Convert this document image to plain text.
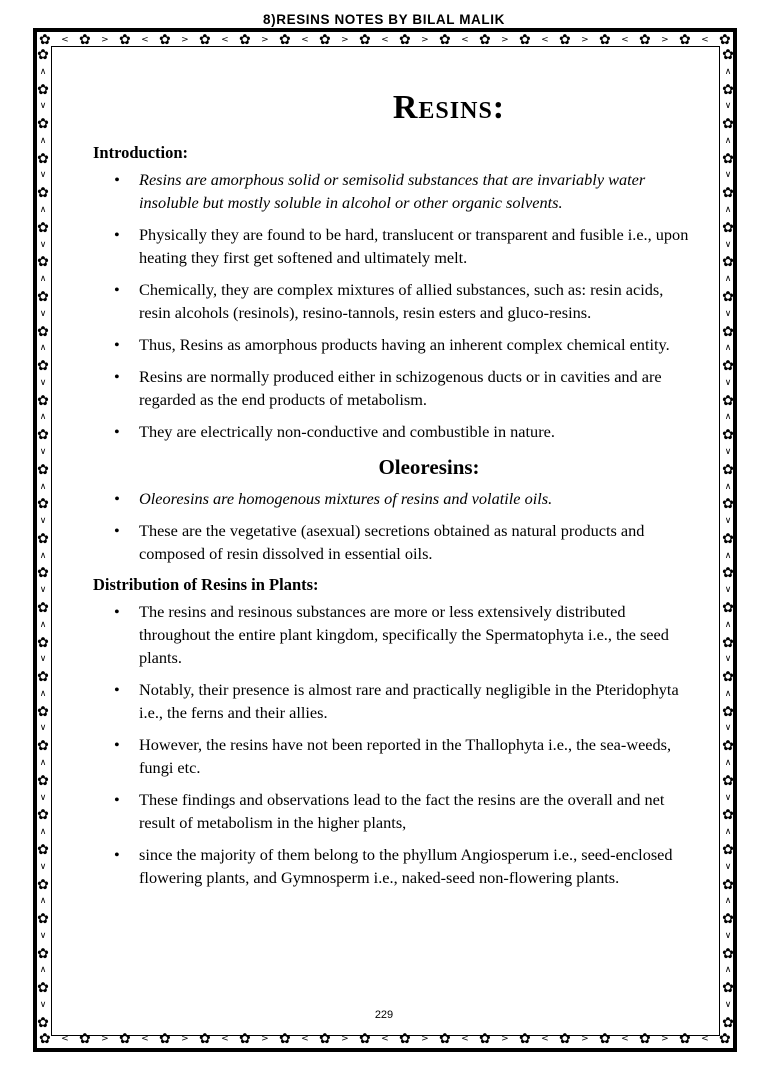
8)RESINS NOTES BY BILAL MALIK
✿ < ✿ > ✿ < ✿ > ✿ < ✿ > ✿ < ✿ > ✿ < ✿ > ✿ < ✿ > ✿ < ✿ > ✿ < ✿ > ✿ < ✿
✿ < ✿ > ✿ < ✿ > ✿ < ✿ > ✿ < ✿ > ✿ < ✿ > ✿ < ✿ > ✿ < ✿ > ✿ < ✿ > ✿ < ✿
✿
∧
✿
∨
✿
∧
✿
∨
✿
∧
✿
∨
✿
∧
✿
∨
✿
∧
✿
∨
✿
∧
✿
∨
✿
∧
✿
∨
✿
∧
✿
∨
✿
∧
✿
∨
✿
∧
✿
∨
✿
∧
✿
∨
✿
∧
✿
∨
✿
∧
✿
∨
✿
∧
✿
∨
✿
✿
∧
✿
∨
✿
∧
✿
∨
✿
∧
✿
∨
✿
∧
✿
∨
✿
∧
✿
∨
✿
∧
✿
∨
✿
∧
✿
∨
✿
∧
✿
∨
✿
∧
✿
∨
✿
∧
✿
∨
✿
∧
✿
∨
✿
∧
✿
∨
✿
∧
✿
∨
✿
∧
✿
∨
✿
Resins:
Introduction:
• Resins are amorphous solid or semisolid substances that are invariably water insoluble but mostly soluble in alcohol or other organic solvents.
• Physically they are found to be hard, translucent or transparent and fusible i.e., upon heating they first get softened and ultimately melt.
• Chemically, they are complex mixtures of allied substances, such as: resin acids, resin alcohols (resinols), resino-tannols, resin esters and gluco-resins.
• Thus, Resins as amorphous products having an inherent complex chemical entity.
• Resins are normally produced either in schizogenous ducts or in cavities and are regarded as the end products of metabolism.
• They are electrically non-conductive and combustible in nature.
Oleoresins:
• Oleoresins are homogenous mixtures of resins and volatile oils.
• These are the vegetative (asexual) secretions obtained as natural products and composed of resin dissolved in essential oils.
Distribution of Resins in Plants:
• The resins and resinous substances are more or less extensively distributed throughout the entire plant kingdom, specifically the Spermatophyta i.e., the seed plants.
• Notably, their presence is almost rare and practically negligible in the Pteridophyta i.e., the ferns and their allies.
• However, the resins have not been reported in the Thallophyta i.e., the sea-weeds, fungi etc.
• These findings and observations lead to the fact the resins are the overall and net result of metabolism in the higher plants,
• since the majority of them belong to the phyllum Angiosperum i.e., seed-enclosed flowering plants, and Gymnosperm i.e., naked-seed non-flowering plants.
229
